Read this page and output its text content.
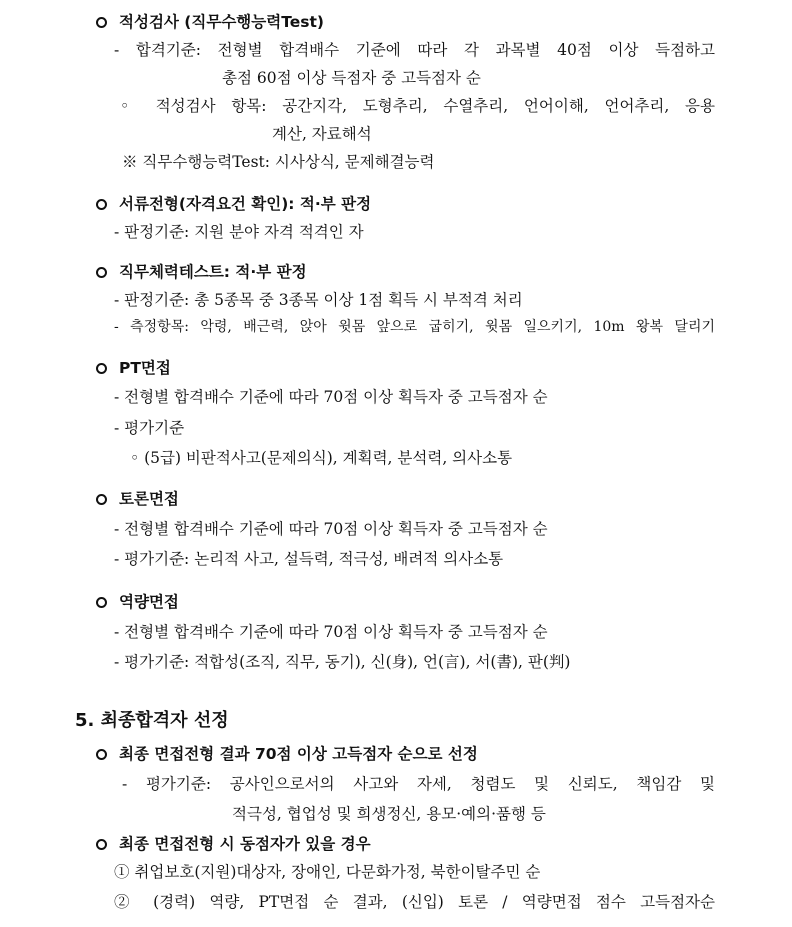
적성검사 (직무수행능력Test)
- 합격기준: 전형별 합격배수 기준에 따라 각 과목별 40점 이상 득점하고
총점 60점 이상 득점자 중 고득점자 순
◦ 적성검사 항목: 공간지각, 도형추리, 수열추리, 언어이해, 언어추리, 응용
계산, 자료해석
※ 직무수행능력Test: 시사상식, 문제해결능력
서류전형(자격요건 확인): 적·부 판정
- 판정기준: 지원 분야 자격 적격인 자
직무체력테스트: 적·부 판정
- 판정기준: 총 5종목 중 3종목 이상 1점 획득 시 부적격 처리
- 측정항목: 악령, 배근력, 앉아 윗몸 앞으로 굽히기, 윗몸 일으키기, 10m 왕복 달리기
PT면접
- 전형별 합격배수 기준에 따라 70점 이상 획득자 중 고득점자 순
- 평가기준
◦ (5급) 비판적사고(문제의식), 계획력, 분석력, 의사소통
토론면접
- 전형별 합격배수 기준에 따라 70점 이상 획득자 중 고득점자 순
- 평가기준: 논리적 사고, 설득력, 적극성, 배려적 의사소통
역량면접
- 전형별 합격배수 기준에 따라 70점 이상 획득자 중 고득점자 순
- 평가기준: 적합성(조직, 직무, 동기), 신(身), 언(言), 서(書), 판(判)
5. 최종합격자 선정
최종 면접전형 결과 70점 이상 고득점자 순으로 선정
- 평가기준: 공사인으로서의 사고와 자세, 청렴도 및 신뢰도, 책임감 및
적극성, 협업성 및 희생정신, 용모·예의·품행 등
최종 면접전형 시 동점자가 있을 경우
① 취업보호(지원)대상자, 장애인, 다문화가정, 북한이탈주민 순
② (경력) 역량, PT면접 순 결과, (신입) 토론 / 역량면접 점수 고득점자순
